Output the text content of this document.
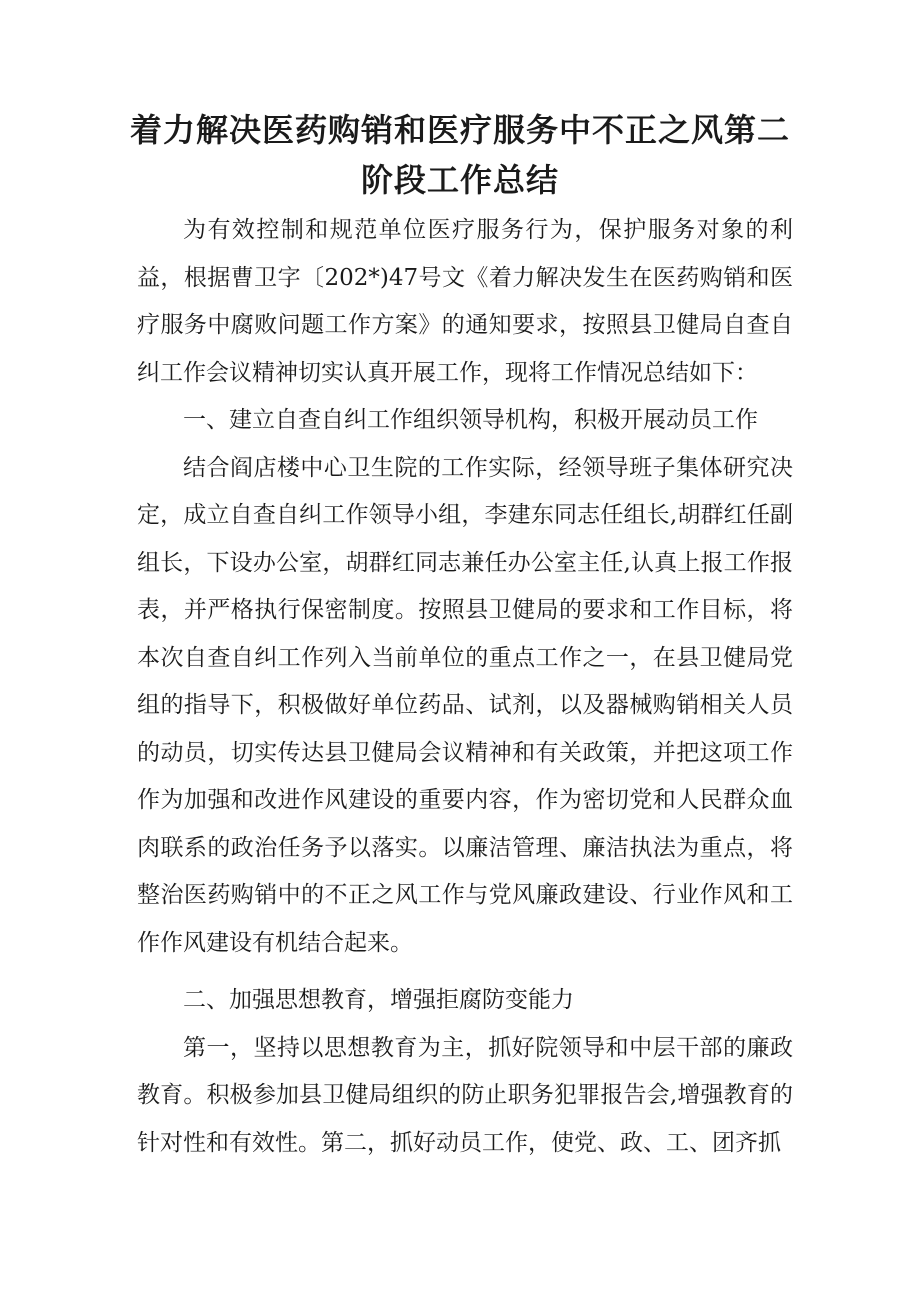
着力解决医药购销和医疗服务中不正之风第二
阶段工作总结

为有效控制和规范单位医疗服务行为，保护服务对象的利益，根据曹卫字〔202*)47号文《着力解决发生在医药购销和医疗服务中腐败问题工作方案》的通知要求，按照县卫健局自查自纠工作会议精神切实认真开展工作，现将工作情况总结如下：

一、建立自查自纠工作组织领导机构，积极开展动员工作

结合阎店楼中心卫生院的工作实际，经领导班子集体研究决定，成立自查自纠工作领导小组，李建东同志任组长,胡群红任副组长，下设办公室，胡群红同志兼任办公室主任,认真上报工作报表，并严格执行保密制度。按照县卫健局的要求和工作目标，将本次自查自纠工作列入当前单位的重点工作之一，在县卫健局党组的指导下，积极做好单位药品、试剂，以及器械购销相关人员的动员，切实传达县卫健局会议精神和有关政策，并把这项工作作为加强和改进作风建设的重要内容，作为密切党和人民群众血肉联系的政治任务予以落实。以廉洁管理、廉洁执法为重点，将整治医药购销中的不正之风工作与党风廉政建设、行业作风和工作作风建设有机结合起来。

二、加强思想教育，增强拒腐防变能力

第一，坚持以思想教育为主，抓好院领导和中层干部的廉政教育。积极参加县卫健局组织的防止职务犯罪报告会,增强教育的针对性和有效性。第二，抓好动员工作，使党、政、工、团齐抓
